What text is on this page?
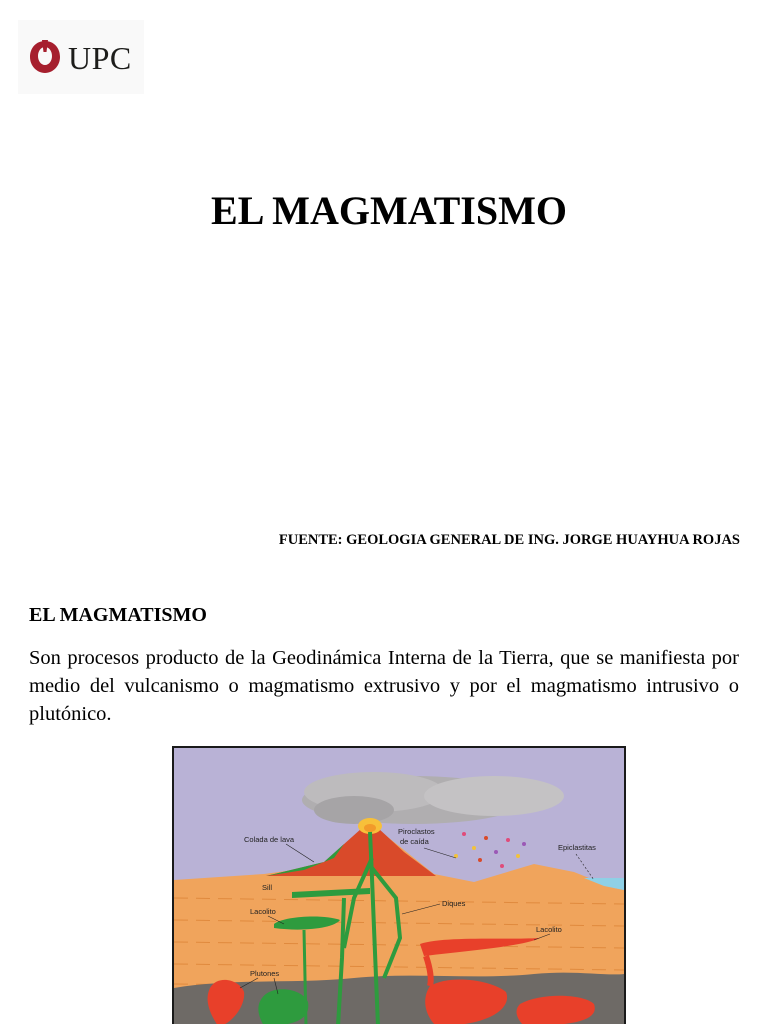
UPC
EL MAGMATISMO
FUENTE: GEOLOGIA GENERAL DE ING. JORGE HUAYHUA ROJAS
EL MAGMATISMO

Son procesos producto de la Geodinámica Interna de la Tierra, que se manifiesta por medio del vulcanismo o magmatismo extrusivo y por el magmatismo intrusivo o plutónico.

Colada de lava
Piroclastos
de caída
Epiclastitas
Sill
Lacolito
Diques
Lacolito
Plutones
